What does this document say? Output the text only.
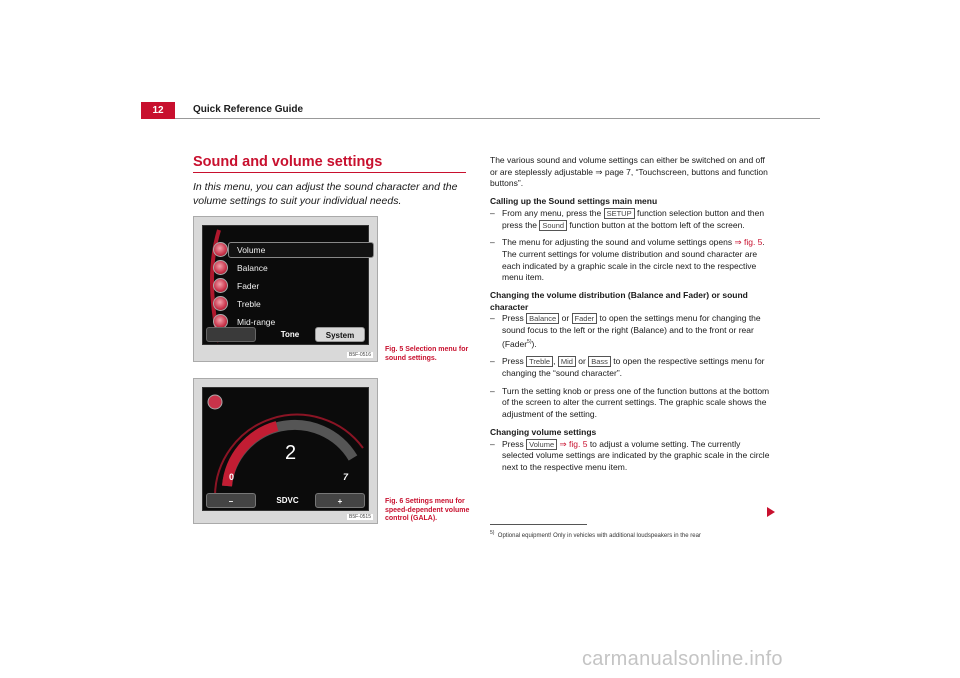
12	Quick Reference Guide
Sound and volume settings
In this menu, you can adjust the sound character and the volume settings to suit your individual needs.
Volume
Balance
Fader
Treble
Mid-range
Tone	System
B5F-0516
Fig. 5 Selection menu for sound settings.
2
0	7
–	SDVC	+
B5F-0515
Fig. 6 Settings menu for speed-dependent volume control (GALA).

The various sound and volume settings can either be switched on and off or are steplessly adjustable ⇒ page 7, “Touchscreen, buttons and function buttons”.

Calling up the Sound settings main menu

– From any menu, press the SETUP function selection button and then press the Sound function button at the bottom left of the screen.
– The menu for adjusting the sound and volume settings opens ⇒ fig. 5. The current settings for volume distribution and sound character are each indicated by a graphic scale in the circle next to the respective menu item.

Changing the volume distribution (Balance and Fader) or sound character

– Press Balance or Fader to open the settings menu for changing the sound focus to the left or the right (Balance) and to the front or rear (Fader$^{5)}$).
– Press Treble , Mid or Bass to open the respective settings menu for changing the “sound character”.
– Turn the setting knob or press one of the function buttons at the bottom of the screen to alter the current settings. The graphic scale shows the adjustment of the setting.

Changing volume settings

– Press Volume ⇒ fig. 5 to adjust a volume setting. The currently selected volume settings are indicated by the graphic scale in the circle next to the respective menu item.
$^{5)}$ Optional equipment! Only in vehicles with additional loudspeakers in the rear
carmanualsonline.info
